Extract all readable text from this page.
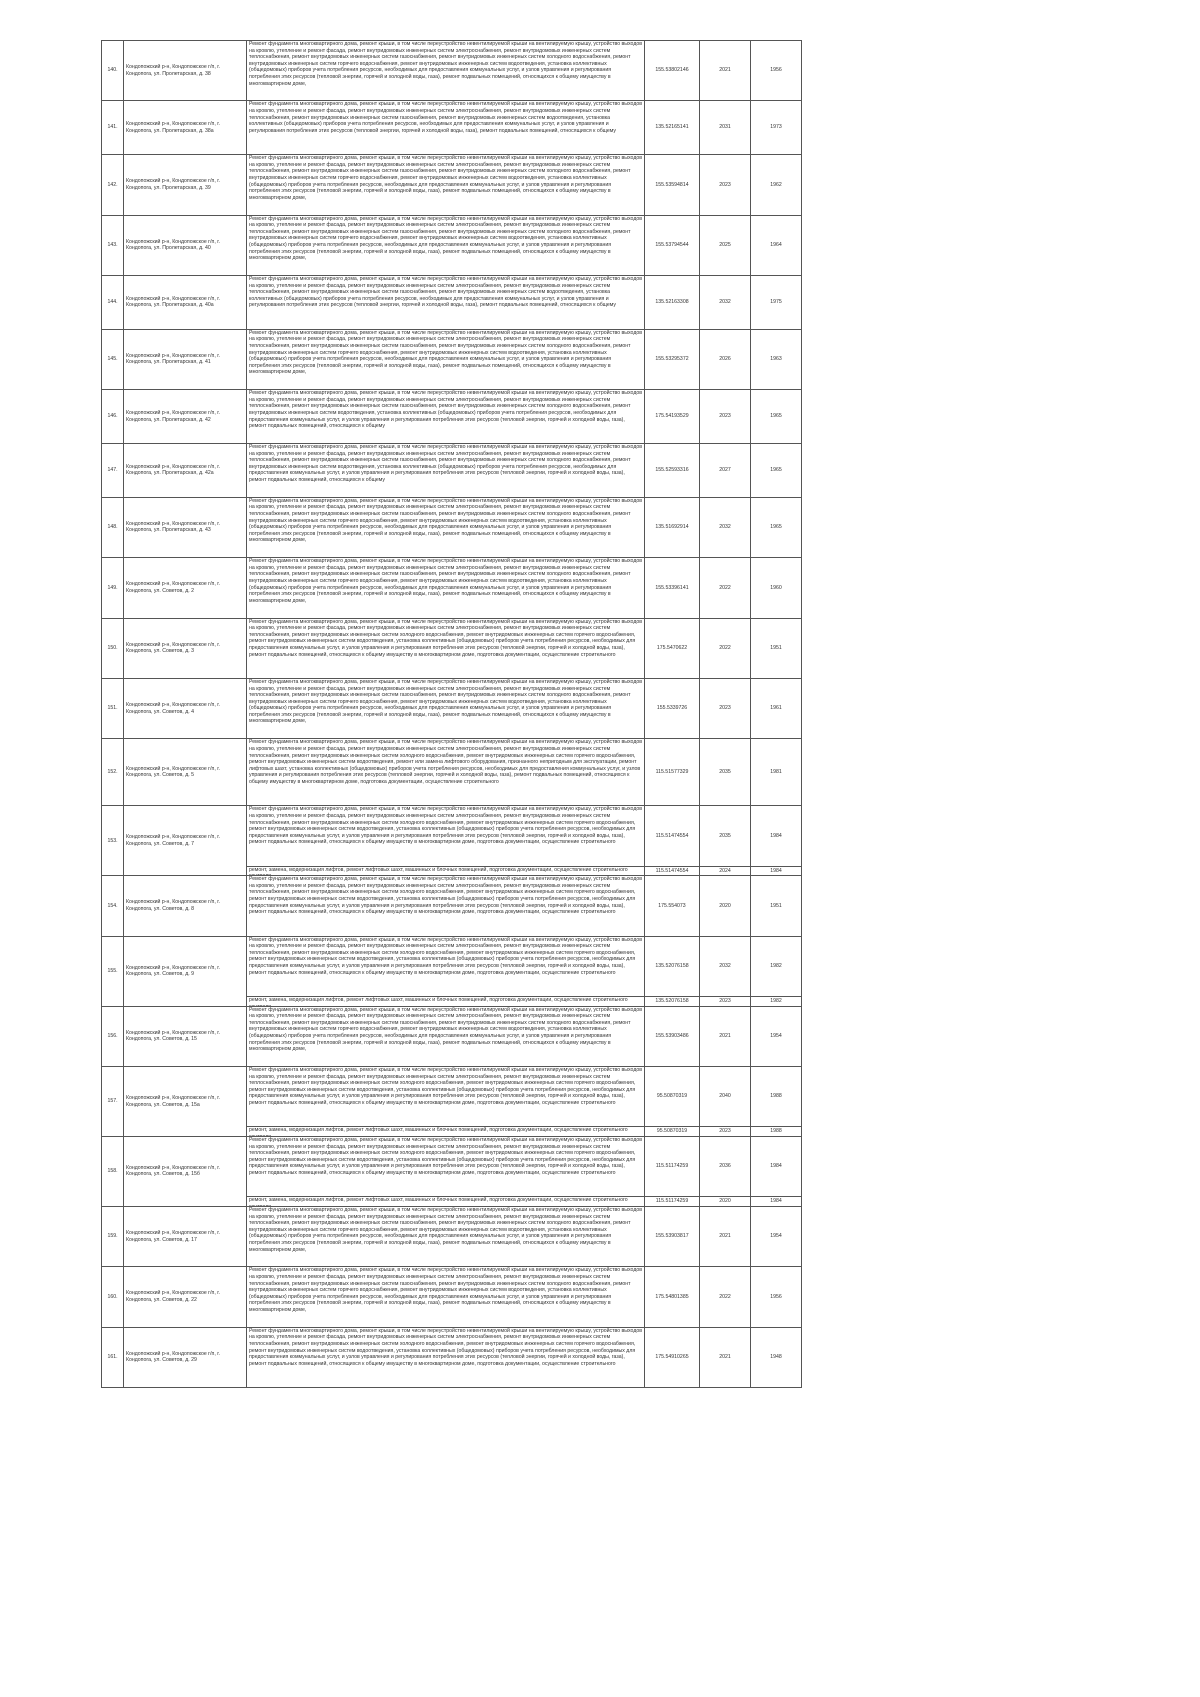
140.	Кондопожский р-н, Кондопожское г/п, г. Кондопога, ул. Пролетарская, д. 38	Ремонт фундамента многоквартирного дома, ремонт крыши, в том числе переустройство невентилируемой крыши на вентилируемую крышу, устройство выходов на кровлю, утепление и ремонт фасада, ремонт внутридомовых инженерных систем электроснабжения, ремонт внутридомовых инженерных систем теплоснабжения, ремонт внутридомовых инженерных систем газоснабжения, ремонт внутридомовых инженерных систем холодного водоснабжения, ремонт внутридомовых инженерных систем горячего водоснабжения, ремонт внутридомовых инженерных систем водоотведения, установка коллективных (общедомовых) приборов учета потребления ресурсов, необходимых для предоставления коммунальных услуг, и узлов управления и регулирования потребления этих ресурсов (тепловой энергии, горячей и холодной воды, газа), ремонт подвальных помещений, относящихся к общему имуществу в многоквартирном доме,	155.53802146	2021	1956
141.	Кондопожский р-н, Кондопожское г/п, г. Кондопога, ул. Пролетарская, д. 38а	Ремонт фундамента многоквартирного дома, ремонт крыши, в том числе переустройство невентилируемой крыши на вентилируемую крышу, устройство выходов на кровлю, утепление и ремонт фасада, ремонт внутридомовых инженерных систем электроснабжения, ремонт внутридомовых инженерных систем теплоснабжения, ремонт внутридомовых инженерных систем газоснабжения, ремонт внутридомовых инженерных систем водоотведения, установка коллективных (общедомовых) приборов учета потребления ресурсов, необходимых для предоставления коммунальных услуг, и узлов управления и регулирования потребления этих ресурсов (тепловой энергии, горячей и холодной воды, газа), ремонт подвальных помещений, относящихся к общему	135.52165141	2031	1973
142.	Кондопожский р-н, Кондопожское г/п, г. Кондопога, ул. Пролетарская, д. 39	Ремонт фундамента многоквартирного дома, ремонт крыши, в том числе переустройство невентилируемой крыши на вентилируемую крышу, устройство выходов на кровлю, утепление и ремонт фасада, ремонт внутридомовых инженерных систем электроснабжения, ремонт внутридомовых инженерных систем теплоснабжения, ремонт внутридомовых инженерных систем газоснабжения, ремонт внутридомовых инженерных систем холодного водоснабжения, ремонт внутридомовых инженерных систем горячего водоснабжения, ремонт внутридомовых инженерных систем водоотведения, установка коллективных (общедомовых) приборов учета потребления ресурсов, необходимых для предоставления коммунальных услуг, и узлов управления и регулирования потребления этих ресурсов (тепловой энергии, горячей и холодной воды, газа), ремонт подвальных помещений, относящихся к общему имуществу в многоквартирном доме,	155.53594814	2023	1962
143.	Кондопожский р-н, Кондопожское г/п, г. Кондопога, ул. Пролетарская, д. 40	Ремонт фундамента многоквартирного дома, ремонт крыши, в том числе переустройство невентилируемой крыши на вентилируемую крышу, устройство выходов на кровлю, утепление и ремонт фасада, ремонт внутридомовых инженерных систем электроснабжения, ремонт внутридомовых инженерных систем теплоснабжения, ремонт внутридомовых инженерных систем газоснабжения, ремонт внутридомовых инженерных систем холодного водоснабжения, ремонт внутридомовых инженерных систем горячего водоснабжения, ремонт внутридомовых инженерных систем водоотведения, установка коллективных (общедомовых) приборов учета потребления ресурсов, необходимых для предоставления коммунальных услуг, и узлов управления и регулирования потребления этих ресурсов (тепловой энергии, горячей и холодной воды, газа), ремонт подвальных помещений, относящихся к общему имуществу в многоквартирном доме,	155.53794544	2025	1964
144.	Кондопожский р-н, Кондопожское г/п, г. Кондопога, ул. Пролетарская, д. 40а	Ремонт фундамента многоквартирного дома, ремонт крыши, в том числе переустройство невентилируемой крыши на вентилируемую крышу, устройство выходов на кровлю, утепление и ремонт фасада, ремонт внутридомовых инженерных систем электроснабжения, ремонт внутридомовых инженерных систем теплоснабжения, ремонт внутридомовых инженерных систем газоснабжения, ремонт внутридомовых инженерных систем водоотведения, установка коллективных (общедомовых) приборов учета потребления ресурсов, необходимых для предоставления коммунальных услуг, и узлов управления и регулирования потребления этих ресурсов (тепловой энергии, горячей и холодной воды, газа), ремонт подвальных помещений, относящихся к общему	135.52163308	2032	1975
145.	Кондопожский р-н, Кондопожское г/п, г. Кондопога, ул. Пролетарская, д. 41	Ремонт фундамента многоквартирного дома, ремонт крыши, в том числе переустройство невентилируемой крыши на вентилируемую крышу, устройство выходов на кровлю, утепление и ремонт фасада, ремонт внутридомовых инженерных систем электроснабжения, ремонт внутридомовых инженерных систем теплоснабжения, ремонт внутридомовых инженерных систем газоснабжения, ремонт внутридомовых инженерных систем холодного водоснабжения, ремонт внутридомовых инженерных систем горячего водоснабжения, ремонт внутридомовых инженерных систем водоотведения, установка коллективных (общедомовых) приборов учета потребления ресурсов, необходимых для предоставления коммунальных услуг, и узлов управления и регулирования потребления этих ресурсов (тепловой энергии, горячей и холодной воды, газа), ремонт подвальных помещений, относящихся к общему имуществу в многоквартирном доме,	155.53295372	2026	1963
146.	Кондопожский р-н, Кондопожское г/п, г. Кондопога, ул. Пролетарская, д. 42	Ремонт фундамента многоквартирного дома, ремонт крыши, в том числе переустройство невентилируемой крыши на вентилируемую крышу, устройство выходов на кровлю, утепление и ремонт фасада, ремонт внутридомовых инженерных систем электроснабжения, ремонт внутридомовых инженерных систем теплоснабжения, ремонт внутридомовых инженерных систем газоснабжения, ремонт внутридомовых инженерных систем холодного водоснабжения, ремонт внутридомовых инженерных систем водоотведения, установка коллективных (общедомовых) приборов учета потребления ресурсов, необходимых для предоставления коммунальных услуг, и узлов управления и регулирования потребления этих ресурсов (тепловой энергии, горячей и холодной воды, газа), ремонт подвальных помещений, относящихся к общему	175.54193529	2023	1965
147.	Кондопожский р-н, Кондопожское г/п, г. Кондопога, ул. Пролетарская, д. 42а	Ремонт фундамента многоквартирного дома, ремонт крыши, в том числе переустройство невентилируемой крыши на вентилируемую крышу, устройство выходов на кровлю, утепление и ремонт фасада, ремонт внутридомовых инженерных систем электроснабжения, ремонт внутридомовых инженерных систем теплоснабжения, ремонт внутридомовых инженерных систем газоснабжения, ремонт внутридомовых инженерных систем холодного водоснабжения, ремонт внутридомовых инженерных систем водоотведения, установка коллективных (общедомовых) приборов учета потребления ресурсов, необходимых для предоставления коммунальных услуг, и узлов управления и регулирования потребления этих ресурсов (тепловой энергии, горячей и холодной воды, газа), ремонт подвальных помещений, относящихся к общему	155.52593316	2027	1965
148.	Кондопожский р-н, Кондопожское г/п, г. Кондопога, ул. Пролетарская, д. 43	Ремонт фундамента многоквартирного дома, ремонт крыши, в том числе переустройство невентилируемой крыши на вентилируемую крышу, устройство выходов на кровлю, утепление и ремонт фасада, ремонт внутридомовых инженерных систем электроснабжения, ремонт внутридомовых инженерных систем теплоснабжения, ремонт внутридомовых инженерных систем газоснабжения, ремонт внутридомовых инженерных систем холодного водоснабжения, ремонт внутридомовых инженерных систем горячего водоснабжения, ремонт внутридомовых инженерных систем водоотведения, установка коллективных (общедомовых) приборов учета потребления ресурсов, необходимых для предоставления коммунальных услуг, и узлов управления и регулирования потребления этих ресурсов (тепловой энергии, горячей и холодной воды, газа), ремонт подвальных помещений, относящихся к общему имуществу в многоквартирном доме,	135.51692914	2032	1965
149.	Кондопожский р-н, Кондопожское г/п, г. Кондопога, ул. Советов, д. 2	Ремонт фундамента многоквартирного дома, ремонт крыши, в том числе переустройство невентилируемой крыши на вентилируемую крышу, устройство выходов на кровлю, утепление и ремонт фасада, ремонт внутридомовых инженерных систем электроснабжения, ремонт внутридомовых инженерных систем теплоснабжения, ремонт внутридомовых инженерных систем газоснабжения, ремонт внутридомовых инженерных систем холодного водоснабжения, ремонт внутридомовых инженерных систем горячего водоснабжения, ремонт внутридомовых инженерных систем водоотведения, установка коллективных (общедомовых) приборов учета потребления ресурсов, необходимых для предоставления коммунальных услуг, и узлов управления и регулирования потребления этих ресурсов (тепловой энергии, горячей и холодной воды, газа), ремонт подвальных помещений, относящихся к общему имуществу в многоквартирном доме,	155.53396141	2022	1960
150.	Кондопожский р-н, Кондопожское г/п, г. Кондопога, ул. Советов, д. 3	Ремонт фундамента многоквартирного дома, ремонт крыши, в том числе переустройство невентилируемой крыши на вентилируемую крышу, устройство выходов на кровлю, утепление и ремонт фасада, ремонт внутридомовых инженерных систем электроснабжения, ремонт внутридомовых инженерных систем теплоснабжения, ремонт внутридомовых инженерных систем холодного водоснабжения, ремонт внутридомовых инженерных систем горячего водоснабжения, ремонт внутридомовых инженерных систем водоотведения, установка коллективных (общедомовых) приборов учета потребления ресурсов, необходимых для предоставления коммунальных услуг, и узлов управления и регулирования потребления этих ресурсов (тепловой энергии, горячей и холодной воды, газа), ремонт подвальных помещений, относящихся к общему имуществу в многоквартирном доме, подготовка документации, осуществление строительного	175.5470622	2022	1951
151.	Кондопожский р-н, Кондопожское г/п, г. Кондопога, ул. Советов, д. 4	Ремонт фундамента многоквартирного дома, ремонт крыши, в том числе переустройство невентилируемой крыши на вентилируемую крышу, устройство выходов на кровлю, утепление и ремонт фасада, ремонт внутридомовых инженерных систем электроснабжения, ремонт внутридомовых инженерных систем теплоснабжения, ремонт внутридомовых инженерных систем газоснабжения, ремонт внутридомовых инженерных систем холодного водоснабжения, ремонт внутридомовых инженерных систем горячего водоснабжения, ремонт внутридомовых инженерных систем водоотведения, установка коллективных (общедомовых) приборов учета потребления ресурсов, необходимых для предоставления коммунальных услуг, и узлов управления и регулирования потребления этих ресурсов (тепловой энергии, горячей и холодной воды, газа), ремонт подвальных помещений, относящихся к общему имуществу в многоквартирном доме,	155.5339726	2023	1961
152.	Кондопожский р-н, Кондопожское г/п, г. Кондопога, ул. Советов, д. 5	Ремонт фундамента многоквартирного дома, ремонт крыши, в том числе переустройство невентилируемой крыши на вентилируемую крышу, устройство выходов на кровлю, утепление и ремонт фасада, ремонт внутридомовых инженерных систем электроснабжения, ремонт внутридомовых инженерных систем теплоснабжения, ремонт внутридомовых инженерных систем холодного водоснабжения, ремонт внутридомовых инженерных систем горячего водоснабжения, ремонт внутридомовых инженерных систем водоотведения, ремонт или замена лифтового оборудования, признанного непригодным для эксплуатации, ремонт лифтовых шахт, установка коллективных (общедомовых) приборов учета потребления ресурсов, необходимых для предоставления коммунальных услуг, и узлов управления и регулирования потребления этих ресурсов (тепловой энергии, горячей и холодной воды, газа), ремонт подвальных помещений, относящихся к общему имуществу в многоквартирном доме, подготовка документации, осуществление строительного	115.51577329	2035	1981
153.	Кондопожский р-н, Кондопожское г/п, г. Кондопога, ул. Советов, д. 7	Ремонт фундамента многоквартирного дома, ремонт крыши, в том числе переустройство невентилируемой крыши на вентилируемую крышу, устройство выходов на кровлю, утепление и ремонт фасада, ремонт внутридомовых инженерных систем электроснабжения, ремонт внутридомовых инженерных систем теплоснабжения, ремонт внутридомовых инженерных систем холодного водоснабжения, ремонт внутридомовых инженерных систем горячего водоснабжения, ремонт внутридомовых инженерных систем водоотведения, установка коллективных (общедомовых) приборов учета потребления ресурсов, необходимых для предоставления коммунальных услуг, и узлов управления и регулирования потребления этих ресурсов (тепловой энергии, горячей и холодной воды, газа), ремонт подвальных помещений, относящихся к общему имуществу в многоквартирном доме, подготовка документации, осуществление строительного	115.51474554	2035	1984

		ремонт, замена, модернизация лифтов, ремонт лифтовых шахт, машинных и блочных помещений, подготовка документации, осуществление строительного	115.51474554	2024	1984
154.	Кондопожский р-н, Кондопожское г/п, г. Кондопога, ул. Советов, д. 8	Ремонт фундамента многоквартирного дома, ремонт крыши, в том числе переустройство невентилируемой крыши на вентилируемую крышу, устройство выходов на кровлю, утепление и ремонт фасада, ремонт внутридомовых инженерных систем электроснабжения, ремонт внутридомовых инженерных систем теплоснабжения, ремонт внутридомовых инженерных систем холодного водоснабжения, ремонт внутридомовых инженерных систем горячего водоснабжения, ремонт внутридомовых инженерных систем водоотведения, установка коллективных (общедомовых) приборов учета потребления ресурсов, необходимых для предоставления коммунальных услуг, и узлов управления и регулирования потребления этих ресурсов (тепловой энергии, горячей и холодной воды, газа), ремонт подвальных помещений, относящихся к общему имуществу в многоквартирном доме, подготовка документации, осуществление строительного	175.554073	2020	1951
155.	Кондопожский р-н, Кондопожское г/п, г. Кондопога, ул. Советов, д. 9	Ремонт фундамента многоквартирного дома, ремонт крыши, в том числе переустройство невентилируемой крыши на вентилируемую крышу, устройство выходов на кровлю, утепление и ремонт фасада, ремонт внутридомовых инженерных систем электроснабжения, ремонт внутридомовых инженерных систем теплоснабжения, ремонт внутридомовых инженерных систем холодного водоснабжения, ремонт внутридомовых инженерных систем горячего водоснабжения, ремонт внутридомовых инженерных систем водоотведения, установка коллективных (общедомовых) приборов учета потребления ресурсов, необходимых для предоставления коммунальных услуг, и узлов управления и регулирования потребления этих ресурсов (тепловой энергии, горячей и холодной воды, газа), ремонт подвальных помещений, относящихся к общему имуществу в многоквартирном доме, подготовка документации, осуществление строительного	135.52076158	2032	1982

		ремонт, замена, модернизация лифтов, ремонт лифтовых шахт, машинных и блочных помещений, подготовка документации, осуществление строительного	135.52076158	2023	1982
156.	Кондопожский р-н, Кондопожское г/п, г. Кондопога, ул. Советов, д. 15	Ремонт фундамента многоквартирного дома, ремонт крыши, в том числе переустройство невентилируемой крыши на вентилируемую крышу, устройство выходов на кровлю, утепление и ремонт фасада, ремонт внутридомовых инженерных систем электроснабжения, ремонт внутридомовых инженерных систем теплоснабжения, ремонт внутридомовых инженерных систем газоснабжения, ремонт внутридомовых инженерных систем холодного водоснабжения, ремонт внутридомовых инженерных систем горячего водоснабжения, ремонт внутридомовых инженерных систем водоотведения, установка коллективных (общедомовых) приборов учета потребления ресурсов, необходимых для предоставления коммунальных услуг, и узлов управления и регулирования потребления этих ресурсов (тепловой энергии, горячей и холодной воды, газа), ремонт подвальных помещений, относящихся к общему имуществу в многоквартирном доме,	155.53903486	2021	1954
157.	Кондопожский р-н, Кондопожское г/п, г. Кондопога, ул. Советов, д. 15а	Ремонт фундамента многоквартирного дома, ремонт крыши, в том числе переустройство невентилируемой крыши на вентилируемую крышу, устройство выходов на кровлю, утепление и ремонт фасада, ремонт внутридомовых инженерных систем электроснабжения, ремонт внутридомовых инженерных систем теплоснабжения, ремонт внутридомовых инженерных систем холодного водоснабжения, ремонт внутридомовых инженерных систем горячего водоснабжения, ремонт внутридомовых инженерных систем водоотведения, установка коллективных (общедомовых) приборов учета потребления ресурсов, необходимых для предоставления коммунальных услуг, и узлов управления и регулирования потребления этих ресурсов (тепловой энергии, горячей и холодной воды, газа), ремонт подвальных помещений, относящихся к общему имуществу в многоквартирном доме, подготовка документации, осуществление строительного	95.50870319	2040	1988

		ремонт, замена, модернизация лифтов, ремонт лифтовых шахт, машинных и блочных помещений, подготовка документации, осуществление строительного	95.50870319	2023	1988
158.	Кондопожский р-н, Кондопожское г/п, г. Кондопога, ул. Советов, д. 15б	Ремонт фундамента многоквартирного дома, ремонт крыши, в том числе переустройство невентилируемой крыши на вентилируемую крышу, устройство выходов на кровлю, утепление и ремонт фасада, ремонт внутридомовых инженерных систем электроснабжения, ремонт внутридомовых инженерных систем теплоснабжения, ремонт внутридомовых инженерных систем холодного водоснабжения, ремонт внутридомовых инженерных систем горячего водоснабжения, ремонт внутридомовых инженерных систем водоотведения, установка коллективных (общедомовых) приборов учета потребления ресурсов, необходимых для предоставления коммунальных услуг, и узлов управления и регулирования потребления этих ресурсов (тепловой энергии, горячей и холодной воды, газа), ремонт подвальных помещений, относящихся к общему имуществу в многоквартирном доме, подготовка документации, осуществление строительного	115.51174259	2036	1984

		ремонт, замена, модернизация лифтов, ремонт лифтовых шахт, машинных и блочных помещений, подготовка документации, осуществление строительного	115.51174259	2020	1984
159.	Кондопожский р-н, Кондопожское г/п, г. Кондопога, ул. Советов, д. 17	Ремонт фундамента многоквартирного дома, ремонт крыши, в том числе переустройство невентилируемой крыши на вентилируемую крышу, устройство выходов на кровлю, утепление и ремонт фасада, ремонт внутридомовых инженерных систем электроснабжения, ремонт внутридомовых инженерных систем теплоснабжения, ремонт внутридомовых инженерных систем газоснабжения, ремонт внутридомовых инженерных систем холодного водоснабжения, ремонт внутридомовых инженерных систем горячего водоснабжения, ремонт внутридомовых инженерных систем водоотведения, установка коллективных (общедомовых) приборов учета потребления ресурсов, необходимых для предоставления коммунальных услуг, и узлов управления и регулирования потребления этих ресурсов (тепловой энергии, горячей и холодной воды, газа), ремонт подвальных помещений, относящихся к общему имуществу в многоквартирном доме,	155.53903817	2021	1954
160.	Кондопожский р-н, Кондопожское г/п, г. Кондопога, ул. Советов, д. 22	Ремонт фундамента многоквартирного дома, ремонт крыши, в том числе переустройство невентилируемой крыши на вентилируемую крышу, устройство выходов на кровлю, утепление и ремонт фасада, ремонт внутридомовых инженерных систем электроснабжения, ремонт внутридомовых инженерных систем теплоснабжения, ремонт внутридомовых инженерных систем газоснабжения, ремонт внутридомовых инженерных систем холодного водоснабжения, ремонт внутридомовых инженерных систем горячего водоснабжения, ремонт внутридомовых инженерных систем водоотведения, установка коллективных (общедомовых) приборов учета потребления ресурсов, необходимых для предоставления коммунальных услуг, и узлов управления и регулирования потребления этих ресурсов (тепловой энергии, горячей и холодной воды, газа), ремонт подвальных помещений, относящихся к общему имуществу в многоквартирном доме,	175.54801385	2022	1956
161.	Кондопожский р-н, Кондопожское г/п, г. Кондопога, ул. Советов, д. 29	Ремонт фундамента многоквартирного дома, ремонт крыши, в том числе переустройство невентилируемой крыши на вентилируемую крышу, устройство выходов на кровлю, утепление и ремонт фасада, ремонт внутридомовых инженерных систем электроснабжения, ремонт внутридомовых инженерных систем теплоснабжения, ремонт внутридомовых инженерных систем холодного водоснабжения, ремонт внутридомовых инженерных систем горячего водоснабжения, ремонт внутридомовых инженерных систем водоотведения, установка коллективных (общедомовых) приборов учета потребления ресурсов, необходимых для предоставления коммунальных услуг, и узлов управления и регулирования потребления этих ресурсов (тепловой энергии, горячей и холодной воды, газа), ремонт подвальных помещений, относящихся к общему имуществу в многоквартирном доме, подготовка документации, осуществление строительного	175.54910265	2021	1948
